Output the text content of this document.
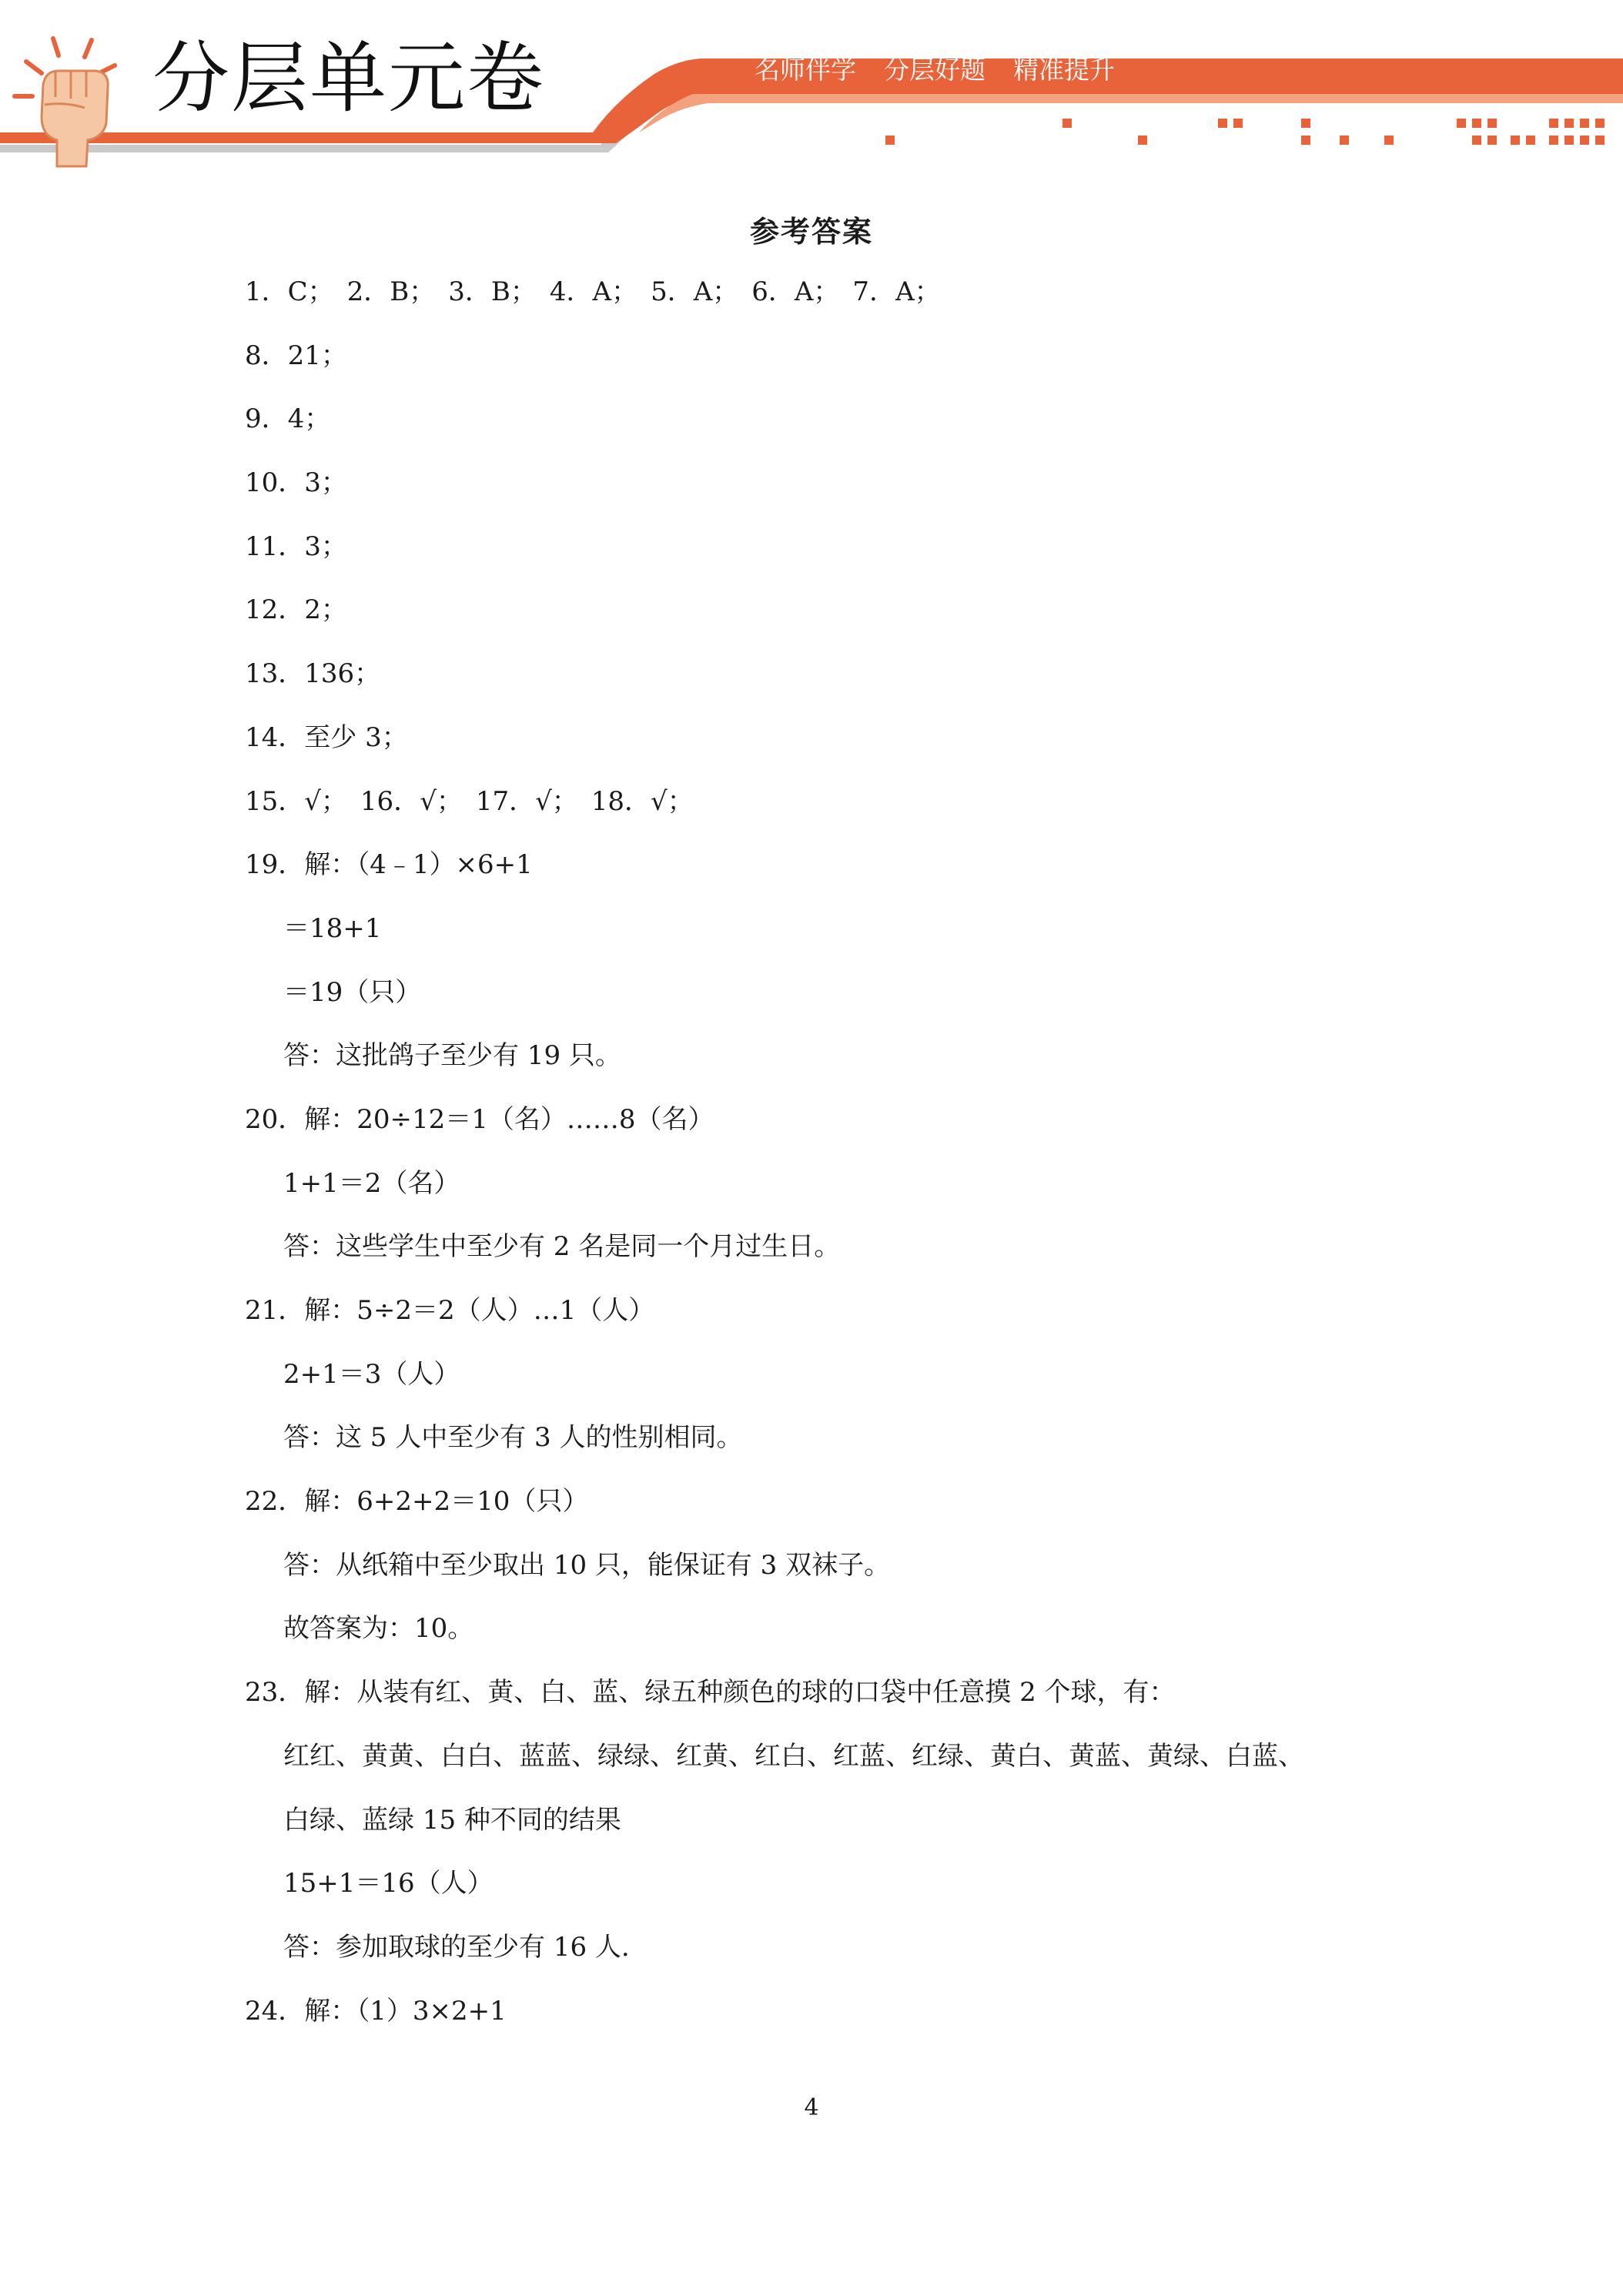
分层单元卷	名师伴学 分层好题 精准提升
参考答案
1．C；　2．B；　3．B；　4．A；　5．A；　6．A；　7．A；
8．21；
9．4；
10．3；
11．3；
12．2；
13．136；
14．至少 3；
15．√；　16．√；　17．√；　18．√；
19．解：（4﹣1）×6+1
＝18+1
＝19（只）
答：这批鸽子至少有 19 只。
20．解：20÷12＝1（名）……8（名）
1+1＝2（名）
答：这些学生中至少有 2 名是同一个月过生日。
21．解：5÷2＝2（人）…1（人）
2+1＝3（人）
答：这 5 人中至少有 3 人的性别相同。
22．解：6+2+2＝10（只）
答：从纸箱中至少取出 10 只，能保证有 3 双袜子。
故答案为：10。
23．解：从装有红、黄、白、蓝、绿五种颜色的球的口袋中任意摸 2 个球，有：
红红、黄黄、白白、蓝蓝、绿绿、红黄、红白、红蓝、红绿、黄白、黄蓝、黄绿、白蓝、
白绿、蓝绿 15 种不同的结果
15+1＝16（人）
答：参加取球的至少有 16 人.
24．解：（1）3×2+1
4
